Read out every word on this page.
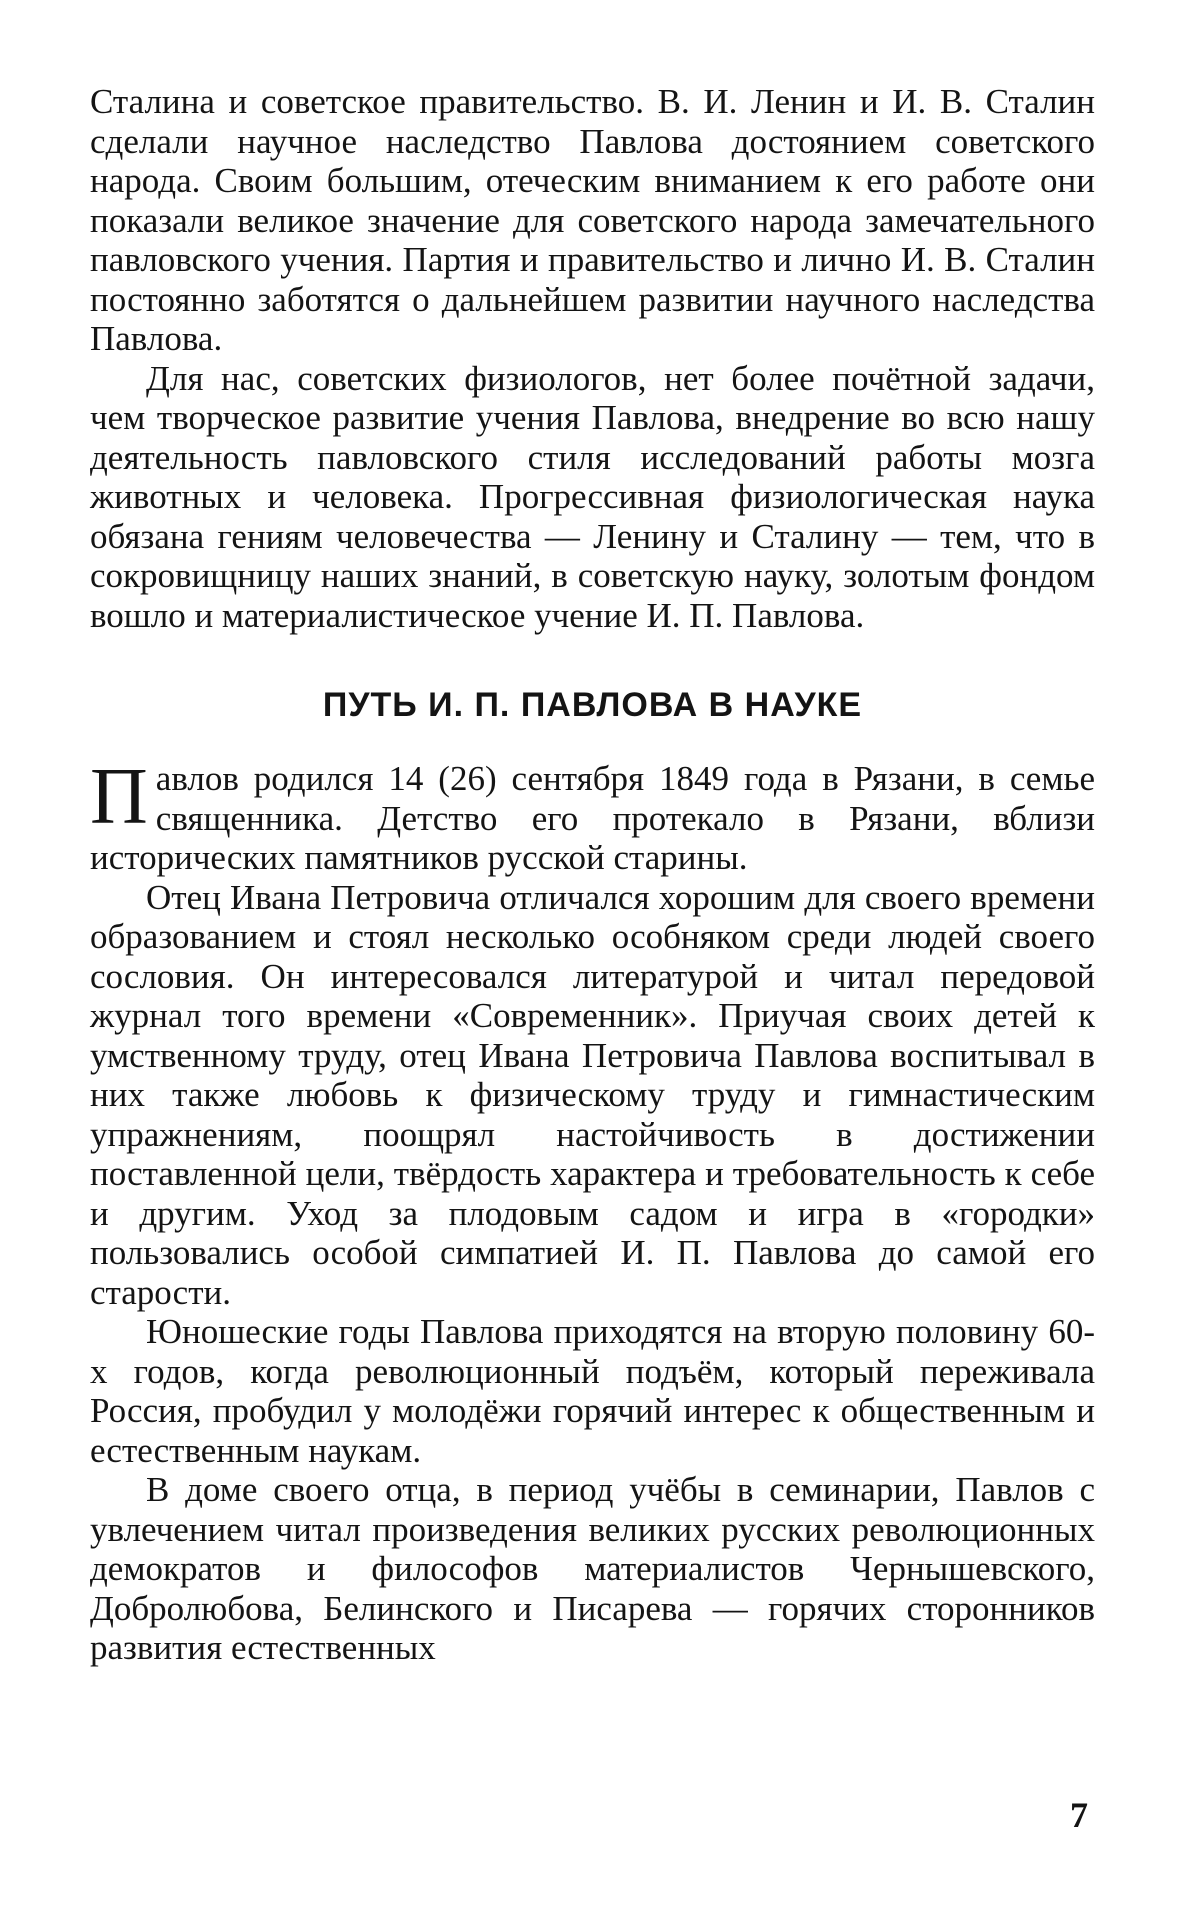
Сталина и советское правительство. В. И. Ленин и И. В. Сталин сделали научное наследство Павлова достоянием советского народа. Своим большим, отеческим вниманием к его работе они показали великое значение для советского народа замечательного павловского учения. Партия и правительство и лично И. В. Сталин постоянно заботятся о дальнейшем развитии научного наследства Павлова.

Для нас, советских физиологов, нет более почётной задачи, чем творческое развитие учения Павлова, внедрение во всю нашу деятельность павловского стиля исследований работы мозга животных и человека. Прогрессивная физиологическая наука обязана гениям человечества — Ленину и Сталину — тем, что в сокровищницу наших знаний, в советскую науку, золотым фондом вошло и материалистическое учение И. П. Павлова.

ПУТЬ И. П. ПАВЛОВА В НАУКЕ

Павлов родился 14 (26) сентября 1849 года в Рязани, в семье священника. Детство его протекало в Рязани, вблизи исторических памятников русской старины.

Отец Ивана Петровича отличался хорошим для своего времени образованием и стоял несколько особняком среди людей своего сословия. Он интересовался литературой и читал передовой журнал того времени «Современник». Приучая своих детей к умственному труду, отец Ивана Петровича Павлова воспитывал в них также любовь к физическому труду и гимнастическим упражнениям, поощрял настойчивость в достижении поставленной цели, твёрдость характера и требовательность к себе и другим. Уход за плодовым садом и игра в «городки» пользовались особой симпатией И. П. Павлова до самой его старости.

Юношеские годы Павлова приходятся на вторую половину 60-х годов, когда революционный подъём, который переживала Россия, пробудил у молодёжи горячий интерес к общественным и естественным наукам.

В доме своего отца, в период учёбы в семинарии, Павлов с увлечением читал произведения великих русских революционных демократов и философов материалистов Чернышевского, Добролюбова, Белинского и Писарева — горячих сторонников развития естественных

7
